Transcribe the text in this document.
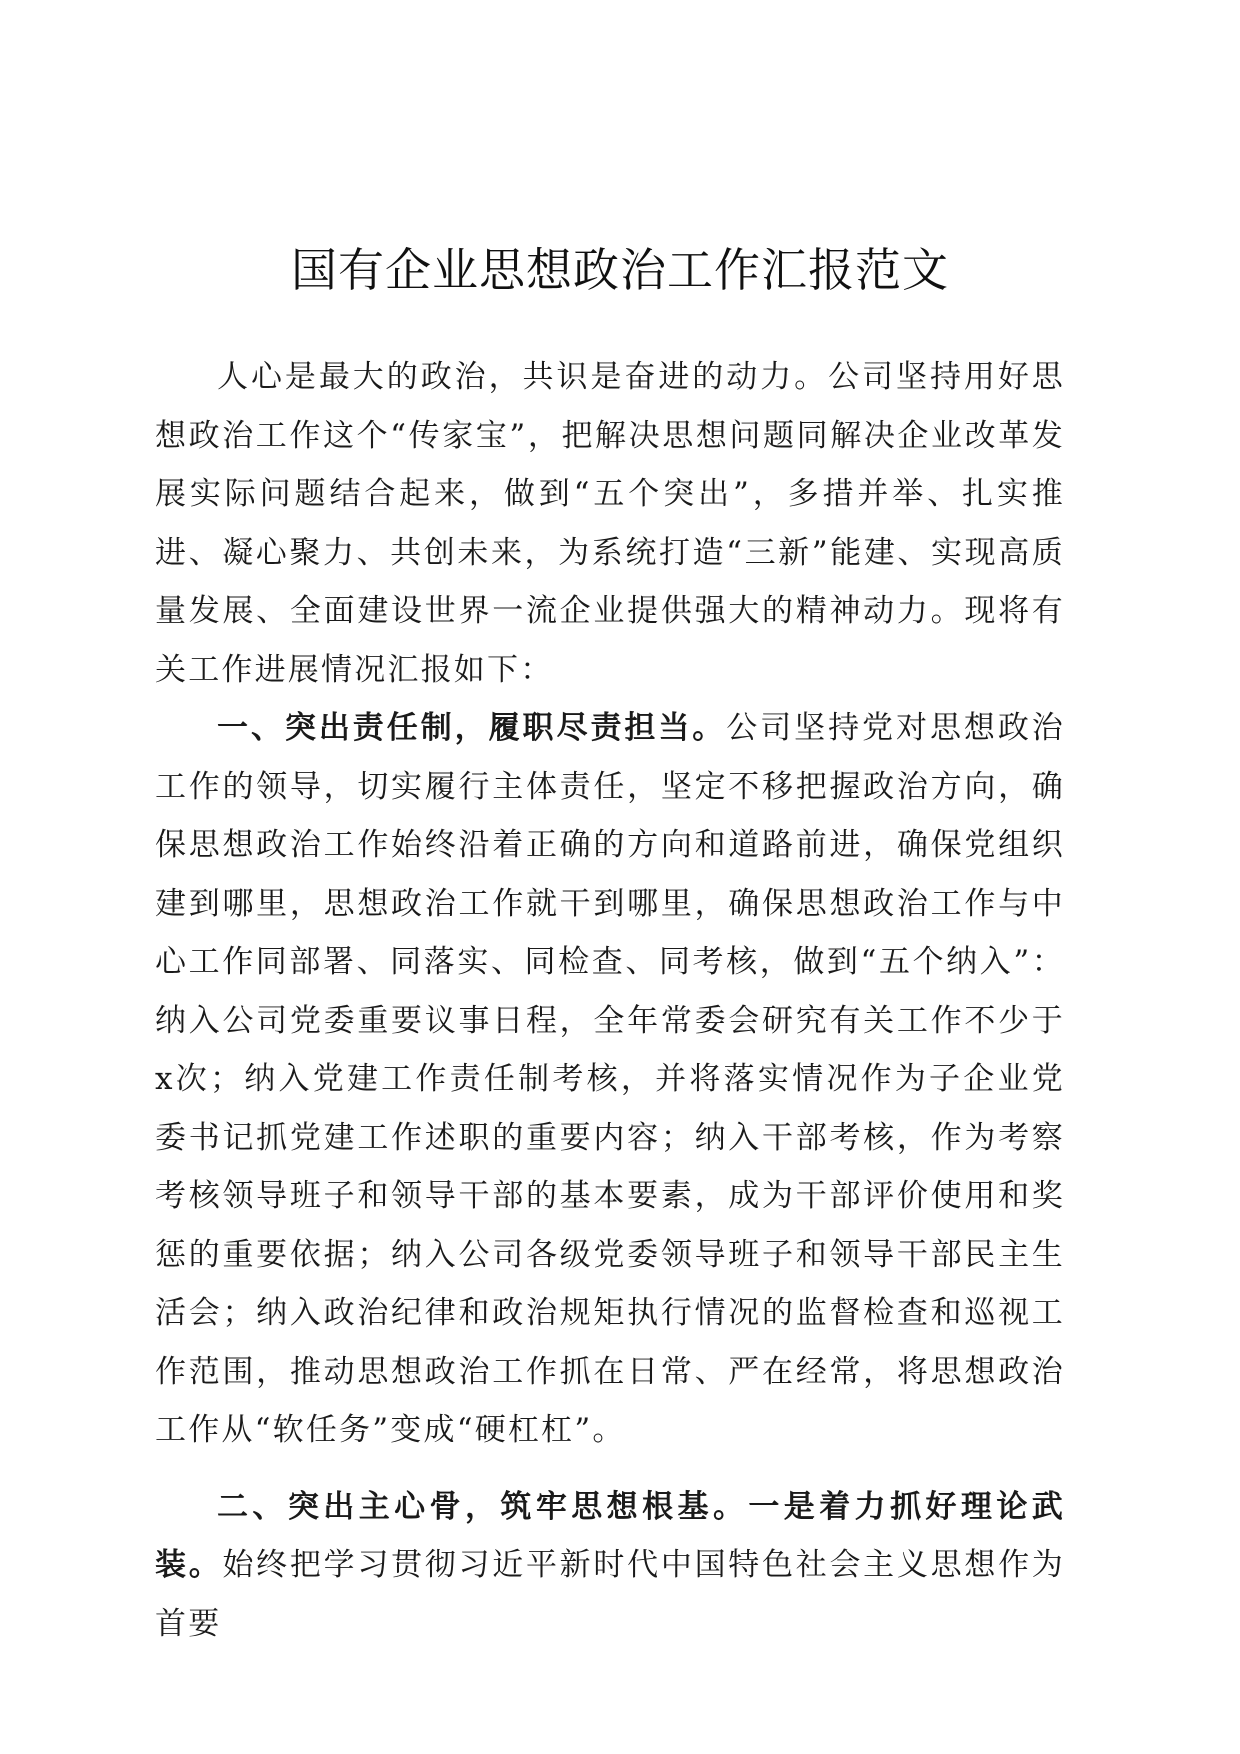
国有企业思想政治工作汇报范文

人心是最大的政治，共识是奋进的动力。公司坚持用好思想政治工作这个“传家宝”，把解决思想问题同解决企业改革发展实际问题结合起来，做到“五个突出”，多措并举、扎实推进、凝心聚力、共创未来，为系统打造“三新”能建、实现高质量发展、全面建设世界一流企业提供强大的精神动力。现将有关工作进展情况汇报如下：

一、突出责任制，履职尽责担当。公司坚持党对思想政治工作的领导，切实履行主体责任，坚定不移把握政治方向，确保思想政治工作始终沿着正确的方向和道路前进，确保党组织建到哪里，思想政治工作就干到哪里，确保思想政治工作与中心工作同部署、同落实、同检查、同考核，做到“五个纳入”：纳入公司党委重要议事日程，全年常委会研究有关工作不少于x次；纳入党建工作责任制考核，并将落实情况作为子企业党委书记抓党建工作述职的重要内容；纳入干部考核，作为考察考核领导班子和领导干部的基本要素，成为干部评价使用和奖惩的重要依据；纳入公司各级党委领导班子和领导干部民主生活会；纳入政治纪律和政治规矩执行情况的监督检查和巡视工作范围，推动思想政治工作抓在日常、严在经常，将思想政治工作从“软任务”变成“硬杠杠”。

二、突出主心骨，筑牢思想根基。一是着力抓好理论武装。始终把学习贯彻习近平新时代中国特色社会主义思想作为首要
